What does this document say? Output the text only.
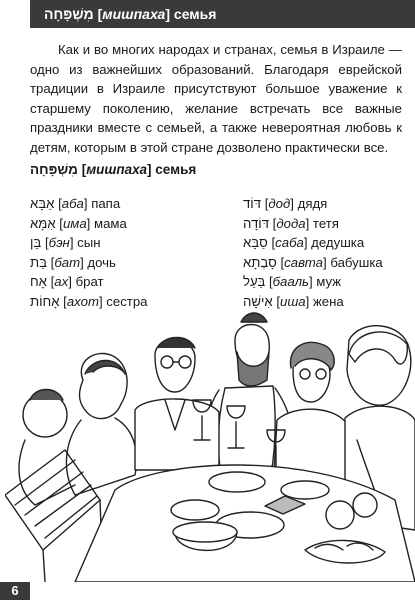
מִשְׁפָּחָה [мишпаха] семья

Как и во многих народах и странах, семья в Израиле — одно из важнейших образований. Благодаря еврейской традиции в Израиле присутствуют большое уважение к старшему поколению, желание встречать все важные праздники вместе с семьей, а также невероятная любовь к детям, которым в этой стране дозволено практически все.

מִשְׁפָּחָה [мишпаха] семья

אַבָּא [аба] папа
אִמָּא [има] мама
בֵּן [бэн] сын
בַּת [бат] дочь
אָח [ах] брат
אָחוֹת [ахот] сестра
דּוֹד [дод] дядя
דּוֹדָה [дода] тетя
סַבָּא [саба] дедушка
סָבְתָא [савта] бабушка
בַּעַל [бааль] муж
אִישָׁה [иша] жена
6
